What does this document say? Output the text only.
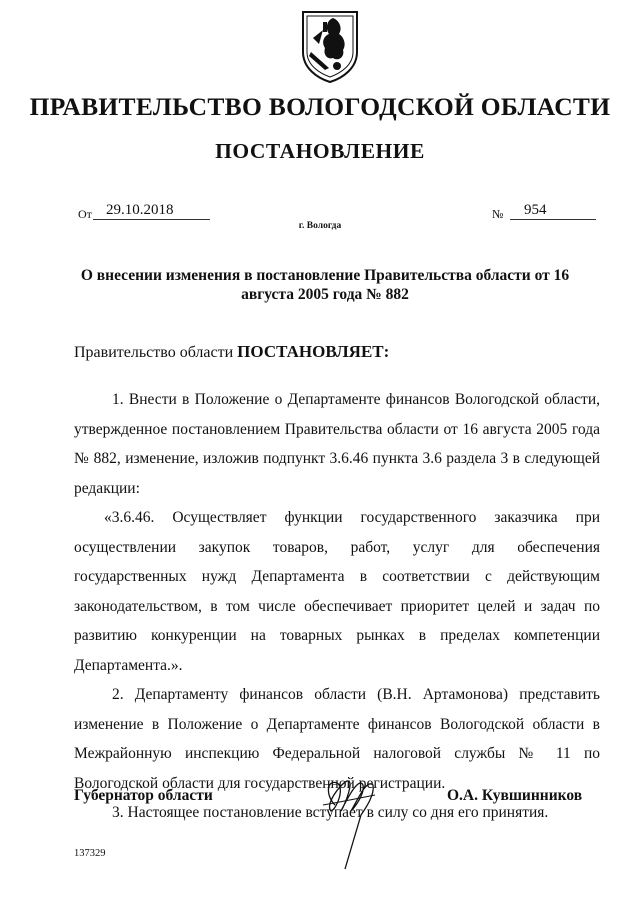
ПРАВИТЕЛЬСТВО ВОЛОГОДСКОЙ ОБЛАСТИ
ПОСТАНОВЛЕНИЕ
От 29.10.2018	№	954
г. Вологда
О внесении изменения в постановление Правительства области от 16 августа 2005 года № 882
Правительство области ПОСТАНОВЛЯЕТ:

1. Внести в Положение о Департаменте финансов Вологодской области, утвержденное постановлением Правительства области от 16 августа 2005 года № 882, изменение, изложив подпункт 3.6.46 пункта 3.6 раздела 3 в следующей редакции:

«3.6.46. Осуществляет функции государственного заказчика при осуществлении закупок товаров, работ, услуг для обеспечения государственных нужд Департамента в соответствии с действующим законодательством, в том числе обеспечивает приоритет целей и задач по развитию конкуренции на товарных рынках в пределах компетенции Департамента.».

2. Департаменту финансов области (В.Н. Артамонова) представить изменение в Положение о Департаменте финансов Вологодской области в Межрайонную инспекцию Федеральной налоговой службы № 11 по Вологодской области для государственной регистрации.

3. Настоящее постановление вступает в силу со дня его принятия.

Губернатор области	О.А. Кувшинников
137329
